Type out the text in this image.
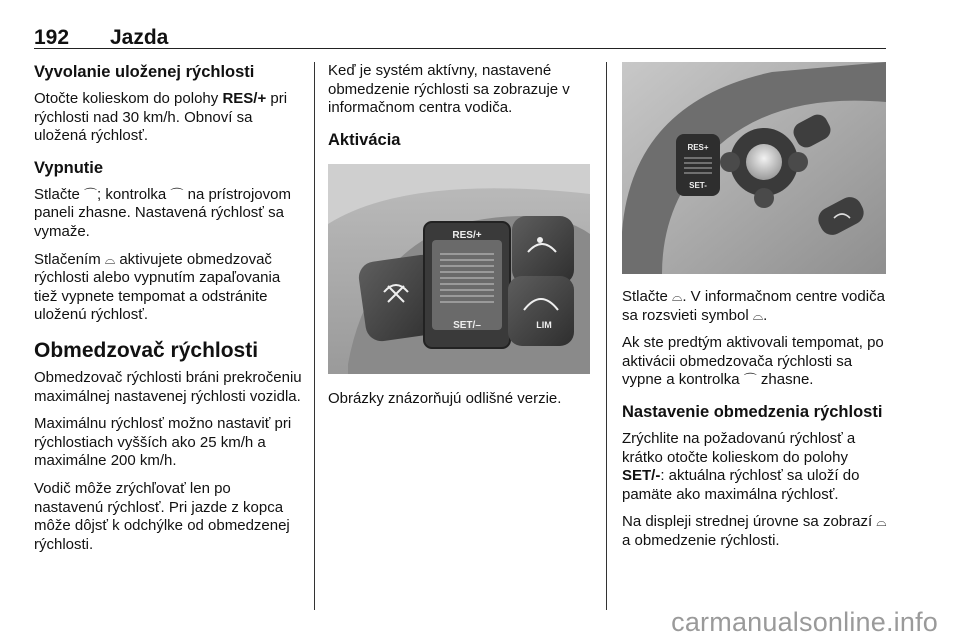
192 Jazda
Vyvolanie uloženej rýchlosti

Otočte kolieskom do polohy RES/+ pri rýchlosti nad 30 km/h. Obnoví sa uložená rýchlosť.

Vypnutie

Stlačte ⌒; kontrolka ⌒ na prístrojovom paneli zhasne. Nastavená rýchlosť sa vymaže.

Stlačením ⌓ aktivujete obmedzovač rýchlosti alebo vypnutím zapaľovania tiež vypnete tempomat a odstránite uloženú rýchlosť.

Obmedzovač rýchlosti

Obmedzovač rýchlosti bráni prekročeniu maximálnej nastavenej rýchlosti vozidla.

Maximálnu rýchlosť možno nastaviť pri rýchlostiach vyšších ako 25 km/h a maximálne 200 km/h.

Vodič môže zrýchľovať len po nastavenú rýchlosť. Pri jazde z kopca môže dôjsť k odchýlke od obmedzenej rýchlosti.

Keď je systém aktívny, nastavené obmedzenie rýchlosti sa zobrazuje v informačnom centra vodiča.

Aktivácia
RES/+
SET/–	LIM

Obrázky znázorňujú odlišné verzie.

RES+
SET-

Stlačte ⌓. V informačnom centre vodiča sa rozsvieti symbol ⌓.

Ak ste predtým aktivovali tempomat, po aktivácii obmedzovača rýchlosti sa vypne a kontrolka ⌒ zhasne.

Nastavenie obmedzenia rýchlosti

Zrýchlite na požadovanú rýchlosť a krátko otočte kolieskom do polohy SET/-: aktuálna rýchlosť sa uloží do pamäte ako maximálna rýchlosť.

Na displeji strednej úrovne sa zobrazí ⌓ a obmedzenie rýchlosti.

carmanualsonline.info
